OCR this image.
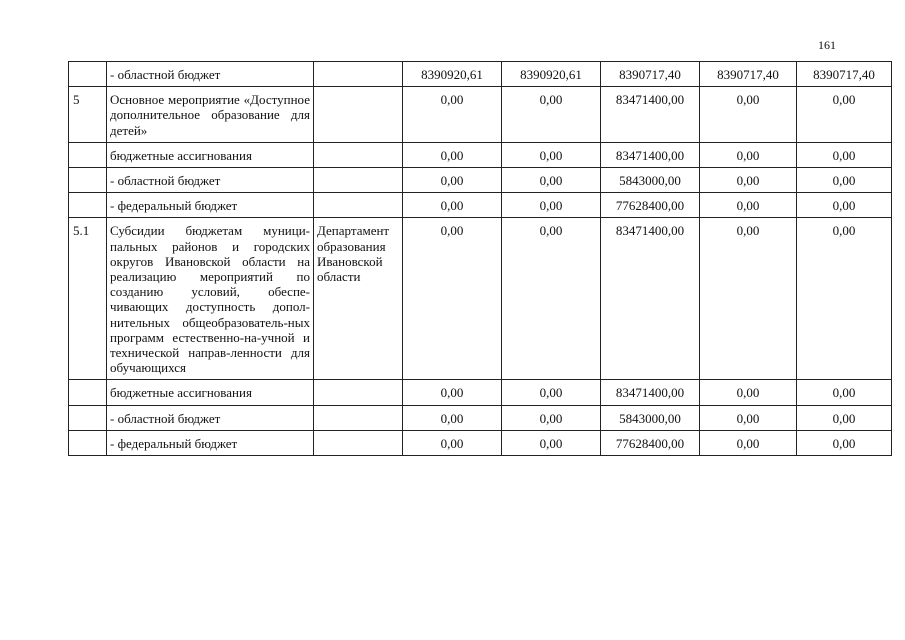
161
	- областной бюджет		8390920,61	8390920,61	8390717,40	8390717,40	8390717,40
5	Основное мероприятие «Доступное дополнительное образование для детей»		0,00	0,00	83471400,00	0,00	0,00
	бюджетные ассигнования		0,00	0,00	83471400,00	0,00	0,00
	- областной бюджет		0,00	0,00	5843000,00	0,00	0,00
	- федеральный бюджет		0,00	0,00	77628400,00	0,00	0,00
5.1	Субсидии бюджетам муници-пальных районов и городских округов Ивановской области на реализацию мероприятий по созданию условий, обеспе-чивающих доступность допол-нительных общеобразователь-ных программ естественно-на-учной и технической направ-ленности для обучающихся	Департамент образования Ивановской области	0,00	0,00	83471400,00	0,00	0,00
	бюджетные ассигнования		0,00	0,00	83471400,00	0,00	0,00
	- областной бюджет		0,00	0,00	5843000,00	0,00	0,00
	- федеральный бюджет		0,00	0,00	77628400,00	0,00	0,00
